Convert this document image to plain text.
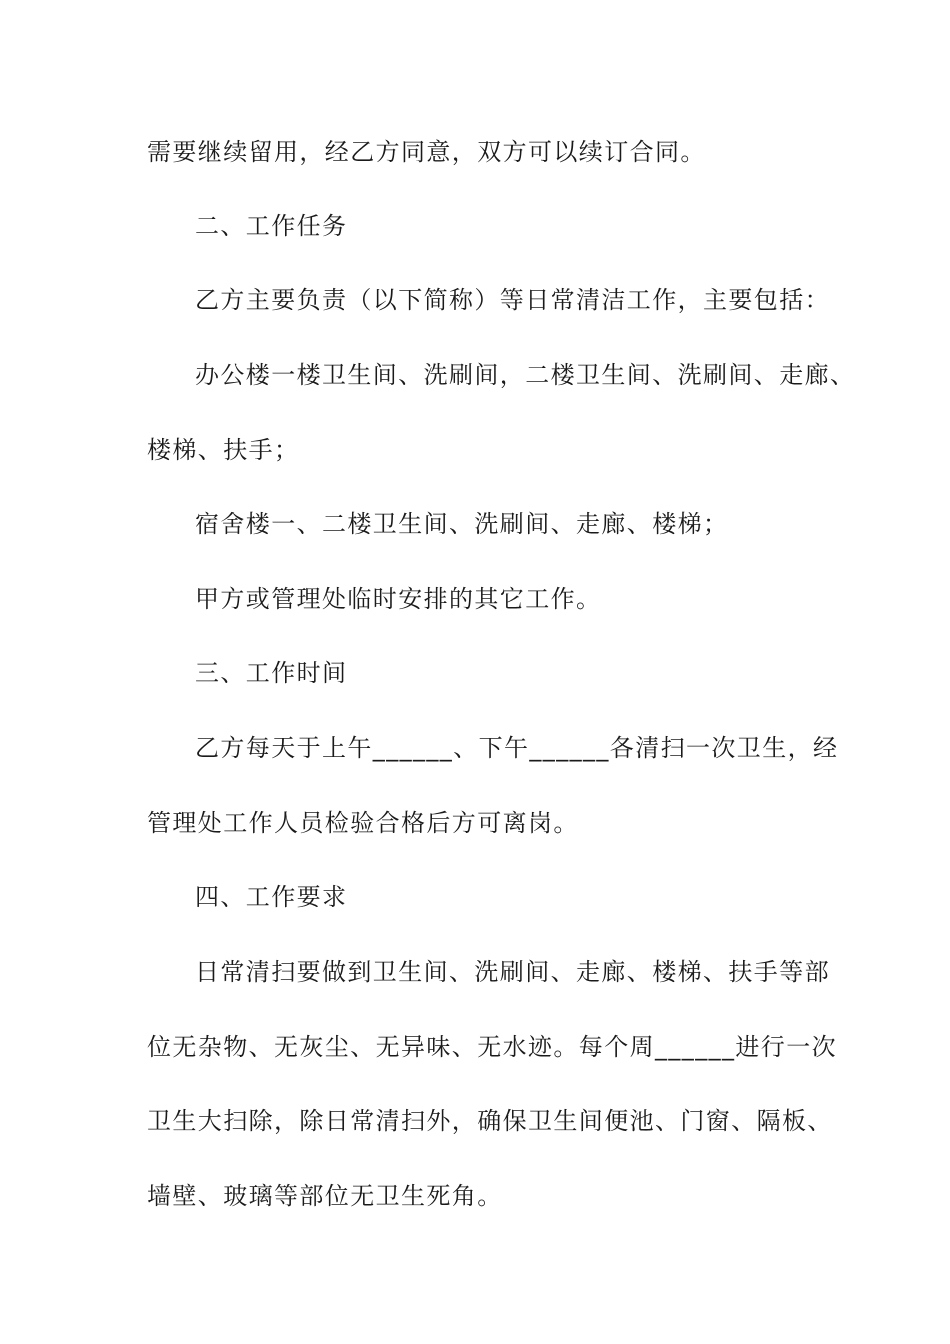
需要继续留用，经乙方同意，双方可以续订合同。
二、工作任务
乙方主要负责（以下简称）等日常清洁工作，主要包括：
办公楼一楼卫生间、洗刷间，二楼卫生间、洗刷间、走廊、
楼梯、扶手；
宿舍楼一、二楼卫生间、洗刷间、走廊、楼梯；
甲方或管理处临时安排的其它工作。
三、工作时间
乙方每天于上午______、下午______各清扫一次卫生，经
管理处工作人员检验合格后方可离岗。
四、工作要求
日常清扫要做到卫生间、洗刷间、走廊、楼梯、扶手等部
位无杂物、无灰尘、无异味、无水迹。每个周______进行一次
卫生大扫除，除日常清扫外，确保卫生间便池、门窗、隔板、
墙壁、玻璃等部位无卫生死角。
